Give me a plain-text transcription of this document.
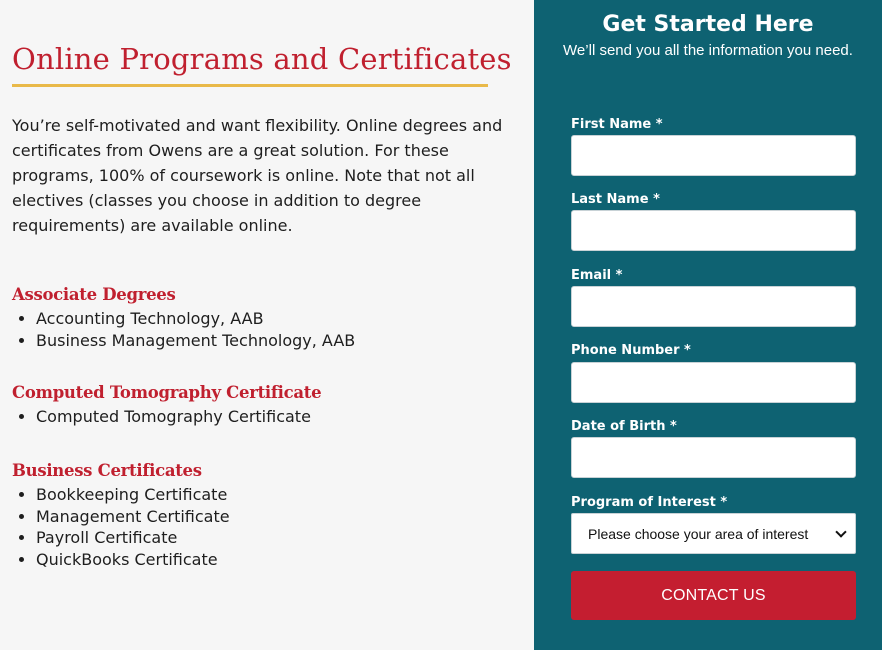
Online Programs and Certificates

You’re self-motivated and want flexibility. Online degrees and certificates from Owens are a great solution. For these programs, 100% of coursework is online. Note that not all electives (classes you choose in addition to degree requirements) are available online.

Associate Degrees
• Accounting Technology, AAB
• Business Management Technology, AAB
Computed Tomography Certificate
• Computed Tomography Certificate
Business Certificates
• Bookkeeping Certificate
• Management Certificate
• Payroll Certificate
• QuickBooks Certificate
Get Started Here

We’ll send you all the information you need.

First Name *
Last Name *
Email *
Phone Number *
Date of Birth *
Program of Interest *
Please choose your area of interest
CONTACT US
